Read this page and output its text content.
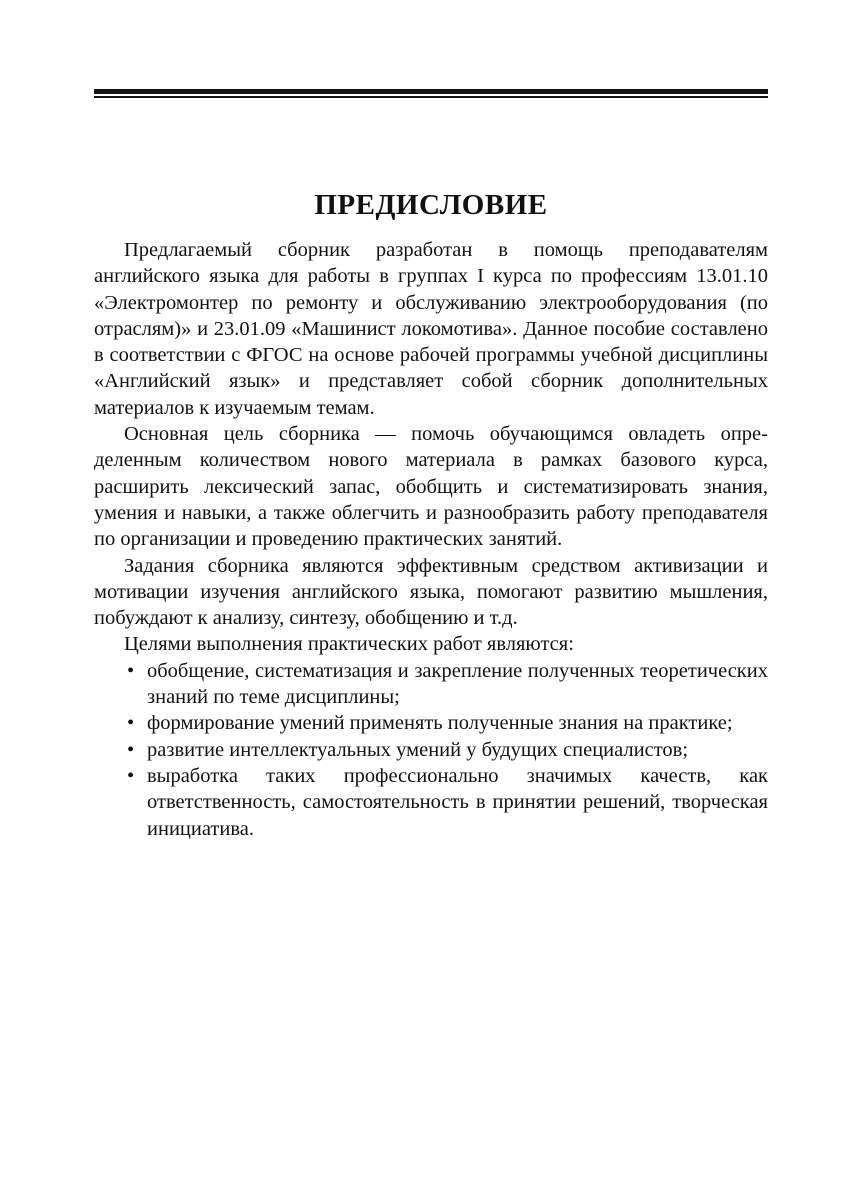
ПРЕДИСЛОВИЕ

Предлагаемый сборник разработан в помощь преподавателям английского языка для работы в группах I курса по профессиям 13.01.10 «Электромонтер по ремонту и обслуживанию электрооборудования (по отраслям)» и 23.01.09 «Машинист локомотива». Данное пособие составлено в соответствии с ФГОС на основе рабочей программы учебной дисциплины «Английский язык» и представляет собой сборник дополнительных материалов к изучаемым темам.

Основная цель сборника — помочь обучающимся овладеть определенным количеством нового материала в рамках базового курса, расширить лексический запас, обобщить и систематизировать знания, умения и навыки, а также облегчить и разнообразить работу преподавателя по организации и проведению практических занятий.

Задания сборника являются эффективным средством активизации и мотивации изучения английского языка, помогают развитию мышления, побуждают к анализу, синтезу, обобщению и т.д.

Целями выполнения практических работ являются:

• обобщение, систематизация и закрепление полученных теоретических знаний по теме дисциплины;
• формирование умений применять полученные знания на практике;
• развитие интеллектуальных умений у будущих специалистов;
• выработка таких профессионально значимых качеств, как ответственность, самостоятельность в принятии решений, творческая инициатива.
